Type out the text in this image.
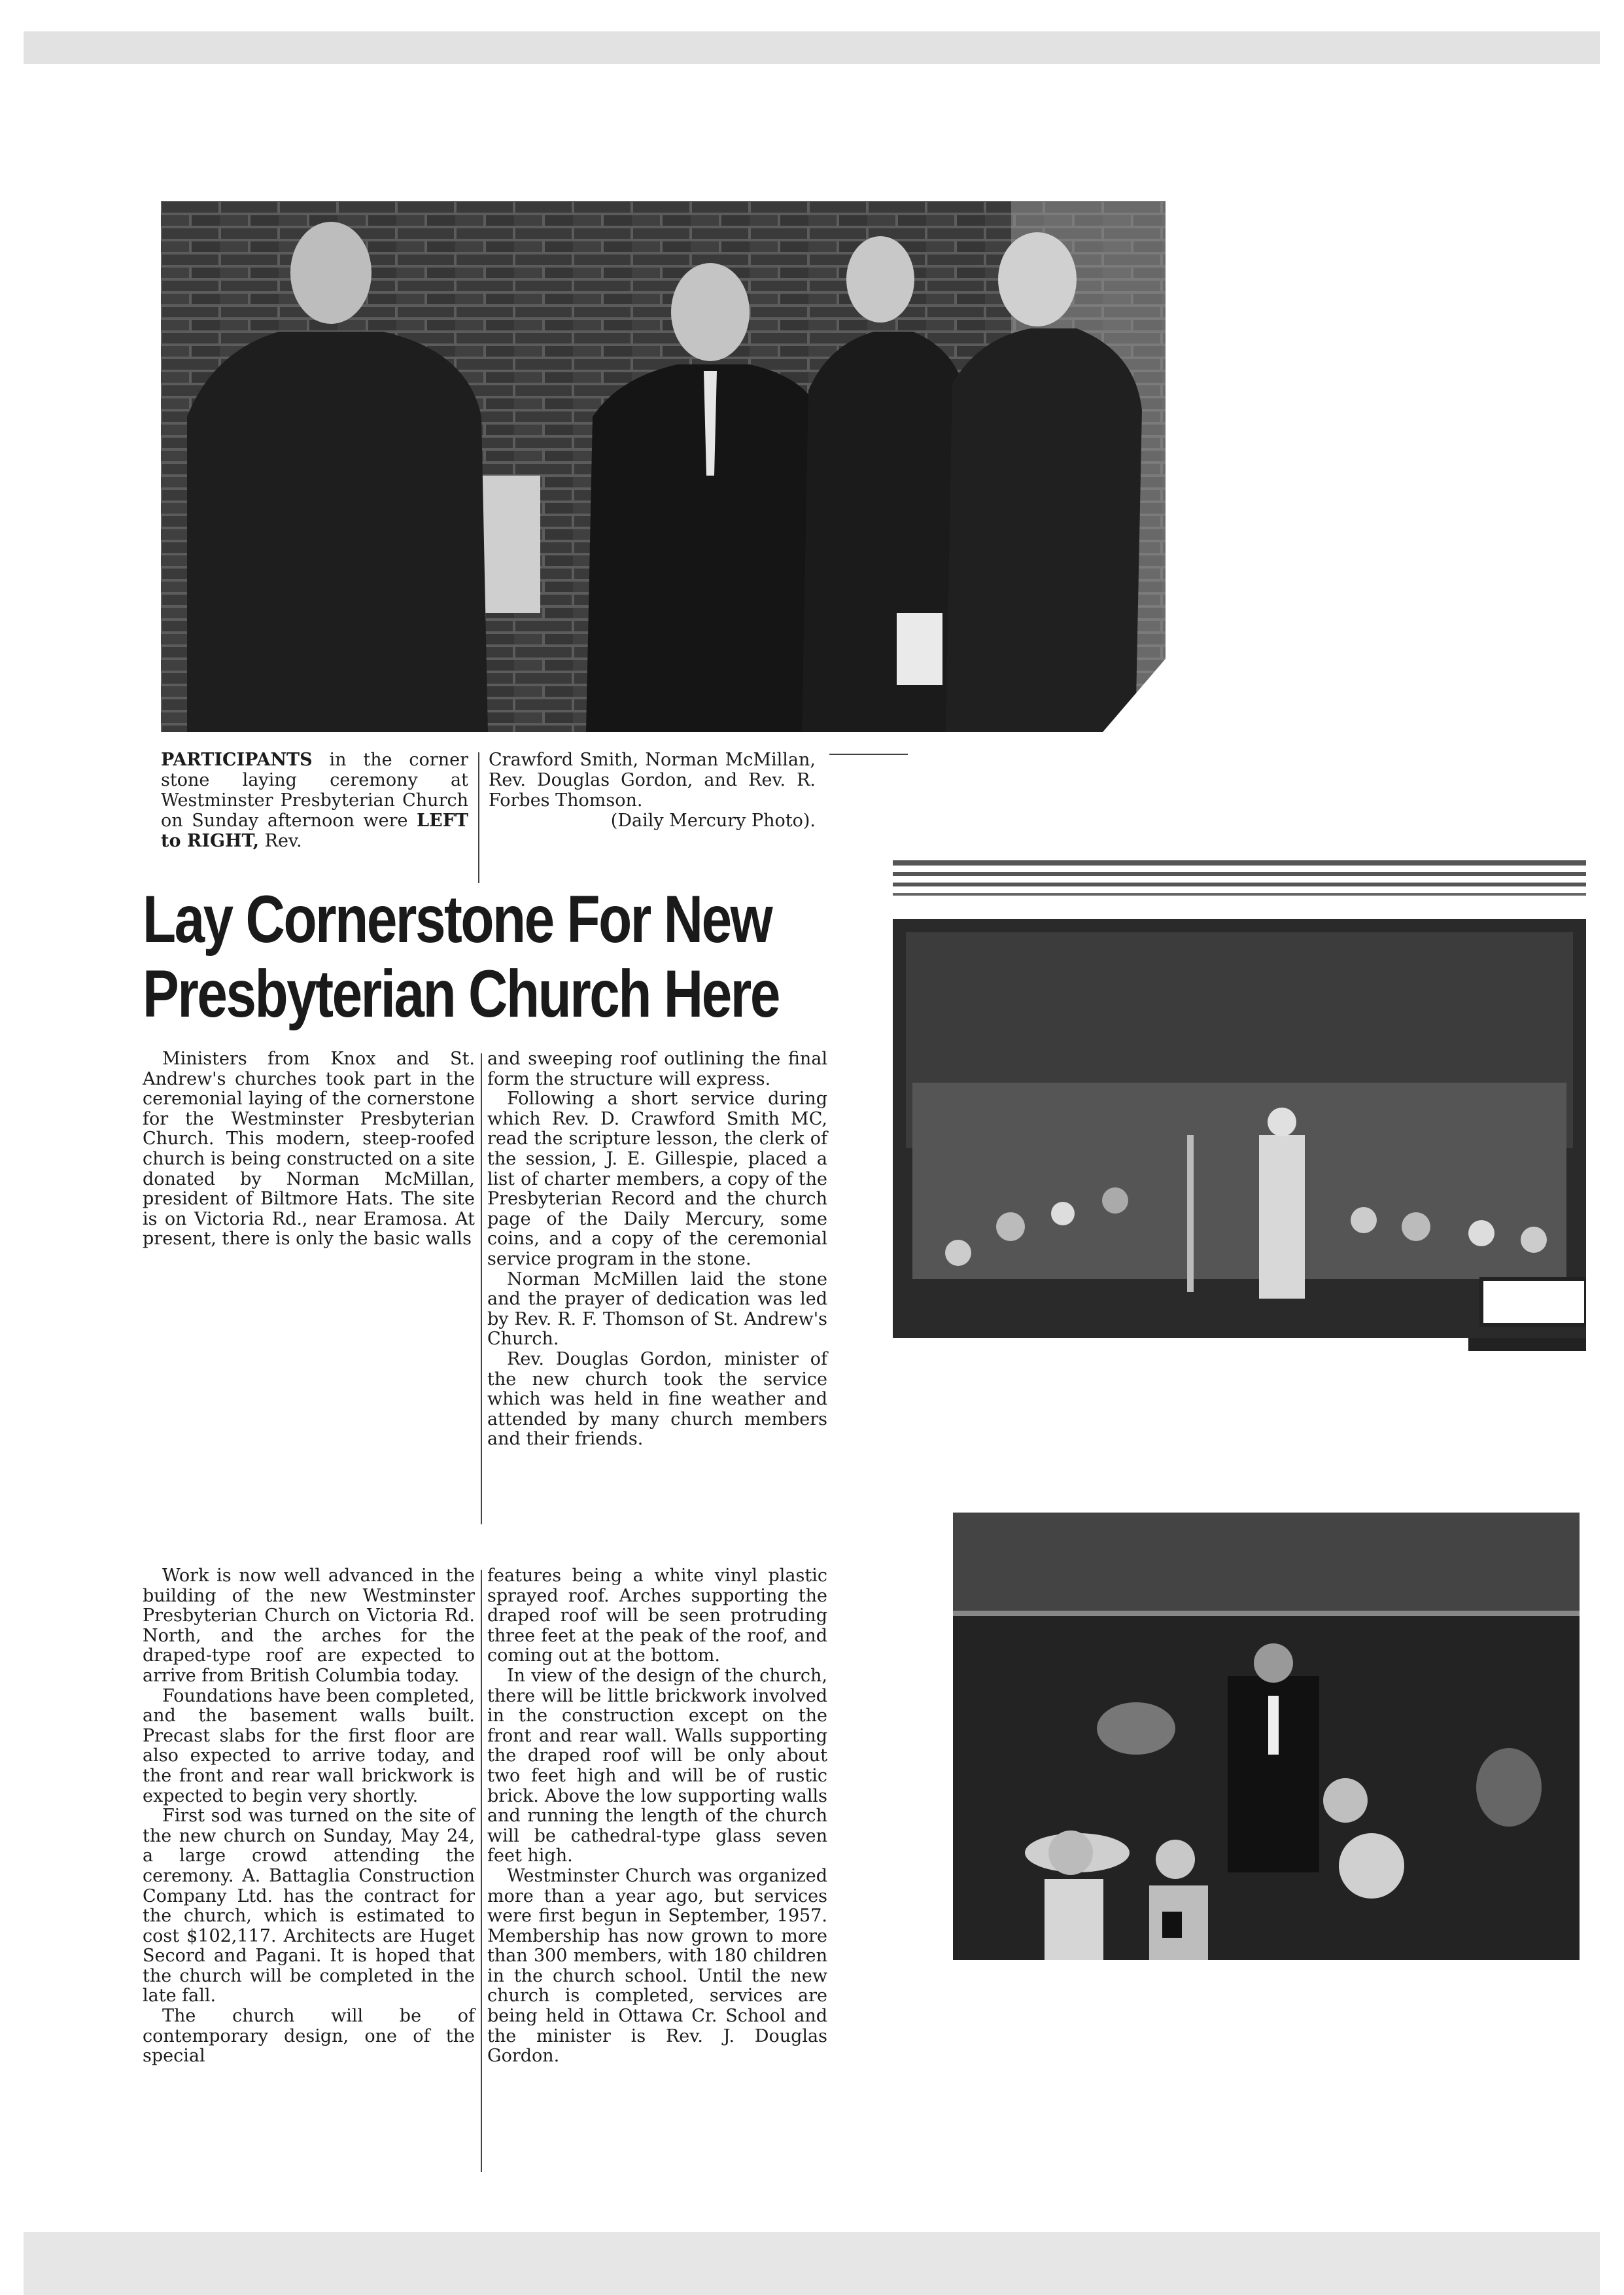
PARTICIPANTS in the corner stone laying ceremony at Westminster Presbyterian Church on Sunday afternoon were LEFT to RIGHT, Rev.
Crawford Smith, Norman McMillan, Rev. Douglas Gordon, and Rev. R. Forbes Thomson.
(Daily Mercury Photo).
Lay Cornerstone For New
Presbyterian Church Here

Ministers from Knox and St. Andrew's churches took part in the ceremonial laying of the cornerstone for the Westminster Presbyterian Church. This modern, steep-roofed church is being constructed on a site donated by Norman McMillan, president of Biltmore Hats. The site is on Victoria Rd., near Eramosa. At present, there is only the basic walls

and sweeping roof outlining the final form the structure will express.

Following a short service during which Rev. D. Crawford Smith MC, read the scripture lesson, the clerk of the session, J. E. Gillespie, placed a list of charter members, a copy of the Presbyterian Record and the church page of the Daily Mercury, some coins, and a copy of the ceremonial service program in the stone.

Norman McMillen laid the stone and the prayer of dedication was led by Rev. R. F. Thomson of St. Andrew's Church.

Rev. Douglas Gordon, minister of the new church took the service which was held in fine weather and attended by many church members and their friends.

Work is now well advanced in the building of the new Westminster Presbyterian Church on Victoria Rd. North, and the arches for the draped-type roof are expected to arrive from British Columbia today.

Foundations have been completed, and the basement walls built. Precast slabs for the first floor are also expected to arrive today, and the front and rear wall brickwork is expected to begin very shortly.

First sod was turned on the site of the new church on Sunday, May 24, a large crowd attending the ceremony. A. Battaglia Construction Company Ltd. has the contract for the church, which is estimated to cost $102,117. Architects are Huget Secord and Pagani. It is hoped that the church will be completed in the late fall.

The church will be of contemporary design, one of the special

features being a white vinyl plastic sprayed roof. Arches supporting the draped roof will be seen protruding three feet at the peak of the roof, and coming out at the bottom.

In view of the design of the church, there will be little brickwork involved in the construction except on the front and rear wall. Walls supporting the draped roof will be only about two feet high and will be of rustic brick. Above the low supporting walls and running the length of the church will be cathedral-type glass seven feet high.

Westminster Church was organized more than a year ago, but services were first begun in September, 1957. Membership has now grown to more than 300 members, with 180 children in the church school. Until the new church is completed, services are being held in Ottawa Cr. School and the minister is Rev. J. Douglas Gordon.
